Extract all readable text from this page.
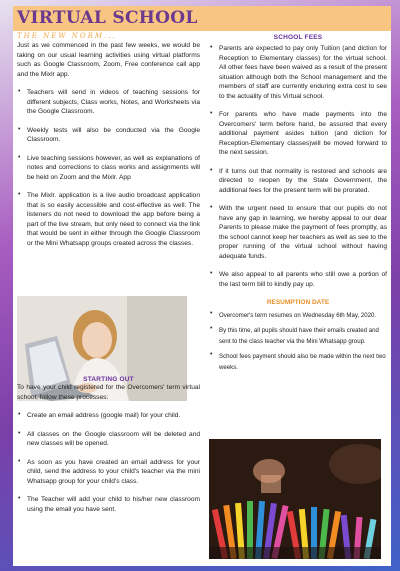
VIRTUAL SCHOOL
THE NEW NORM...

Just as we commenced in the past few weeks, we would be taking on our usual learning activities using virtual platforms such as Google Classroom, Zoom, Free conference call app and the Mixlr app.

• Teachers will send in videos of teaching sessions for different subjects, Class works, Notes, and Worksheets via the Google Classroom.

• Weekly tests will also be conducted via the Google Classroom.

• Live teaching sessions however, as well as explanations of notes and corrections to class works and assignments will be held on Zoom and the Mixlr. App

• The Mixlr. application is a live audio broadcast application that is so easily accessible and cost-effective as well. The listeners do not need to download the app before being a part of the live stream, but only need to connect via the link that would be sent in either through the Google Classroom or the Mini Whatsapp groups created across the classes.

STARTING OUT

To have your child registered for the Overcomers' term virtual school, follow these processes:

• Create an email address (google mail) for your child.

• All classes on the Google classroom will be deleted and new classes will be opened.

• As soon as you have created an email address for your child, send the address to your child's teacher via the mini Whatsapp group for your child's class.

• The Teacher will add your child to his/her new classroom using the email you have sent.

SCHOOL FEES

• Parents are expected to pay only Tuition (and diction for Reception to Elementary classes) for the virtual school. All other fees have been waived as a result of the present situation although both the School management and the members of staff are currently enduring extra cost to see to the actuality of this Virtual school.

• For parents who have made payments into the Overcomers' term before hand, be assured that every additional payment asides tuition (and diction for Reception-Elementary classes)will be moved forward to the next session.

• If it turns out that normality is restored and schools are directed to reopen by the State Government, the additional fees for the present term will be prorated.

• With the urgent need to ensure that our pupils do not have any gap in learning, we hereby appeal to our dear Parents to please make the payment of fees promptly, as the school cannot keep her teachers as well as see to the proper running of the virtual school without having adequate funds.

• We also appeal to all parents who still owe a portion of the last term bill to kindly pay up.

RESUMPTION DATE

• Overcomer's term resumes on Wednesday 6th May, 2020.

• By this time, all pupils should have their emails created and sent to the class teacher via the Mini Whatsapp group.

• School fees payment should also be made within the next two weeks.
